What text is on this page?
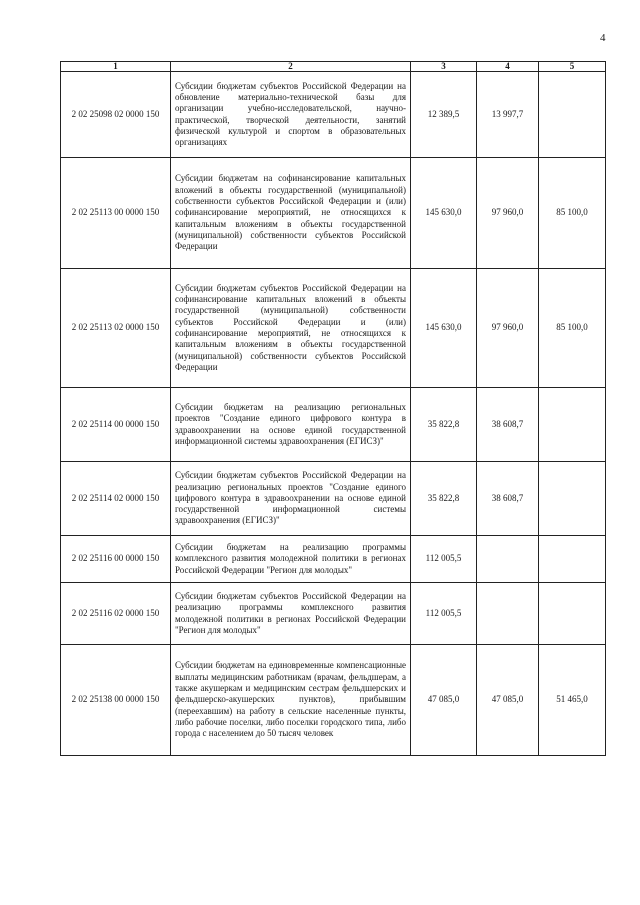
4
1	2	3	4	5
2 02 25098 02 0000 150	Субсидии бюджетам субъектов Российской Федерации на обновление материально-технической базы для организации учебно-исследовательской, научно-практической, творческой деятельности, занятий физической культурой и спортом в образовательных организациях	12 389,5	13 997,7	
2 02 25113 00 0000 150	Субсидии бюджетам на софинансирование капитальных вложений в объекты государственной (муниципальной) собственности субъектов Российской Федерации и (или) софинансирование мероприятий, не относящихся к капитальным вложениям в объекты государственной (муниципальной) собственности субъектов Российской Федерации	145 630,0	97 960,0	85 100,0
2 02 25113 02 0000 150	Субсидии бюджетам субъектов Российской Федерации на софинансирование капитальных вложений в объекты государственной (муниципальной) собственности субъектов Российской Федерации и (или) софинансирование мероприятий, не относящихся к капитальным вложениям в объекты государственной (муниципальной) собственности субъектов Российской Федерации	145 630,0	97 960,0	85 100,0
2 02 25114 00 0000 150	Субсидии бюджетам на реализацию региональных проектов "Создание единого цифрового контура в здравоохранении на основе единой государственной информационной системы здравоохранения (ЕГИСЗ)"	35 822,8	38 608,7	
2 02 25114 02 0000 150	Субсидии бюджетам субъектов Российской Федерации на реализацию региональных проектов "Создание единого цифрового контура в здравоохранении на основе единой государственной информационной системы здравоохранения (ЕГИСЗ)"	35 822,8	38 608,7	
2 02 25116 00 0000 150	Субсидии бюджетам на реализацию программы комплексного развития молодежной политики в регионах Российской Федерации "Регион для молодых"	112 005,5		
2 02 25116 02 0000 150	Субсидии бюджетам субъектов Российской Федерации на реализацию программы комплексного развития молодежной политики в регионах Российской Федерации "Регион для молодых"	112 005,5		
2 02 25138 00 0000 150	Субсидии бюджетам на единовременные компенсационные выплаты медицинским работникам (врачам, фельдшерам, а также акушеркам и медицинским сестрам фельдшерских и фельдшерско-акушерских пунктов), прибывшим (переехавшим) на работу в сельские населенные пункты, либо рабочие поселки, либо поселки городского типа, либо города с населением до 50 тысяч человек	47 085,0	47 085,0	51 465,0
